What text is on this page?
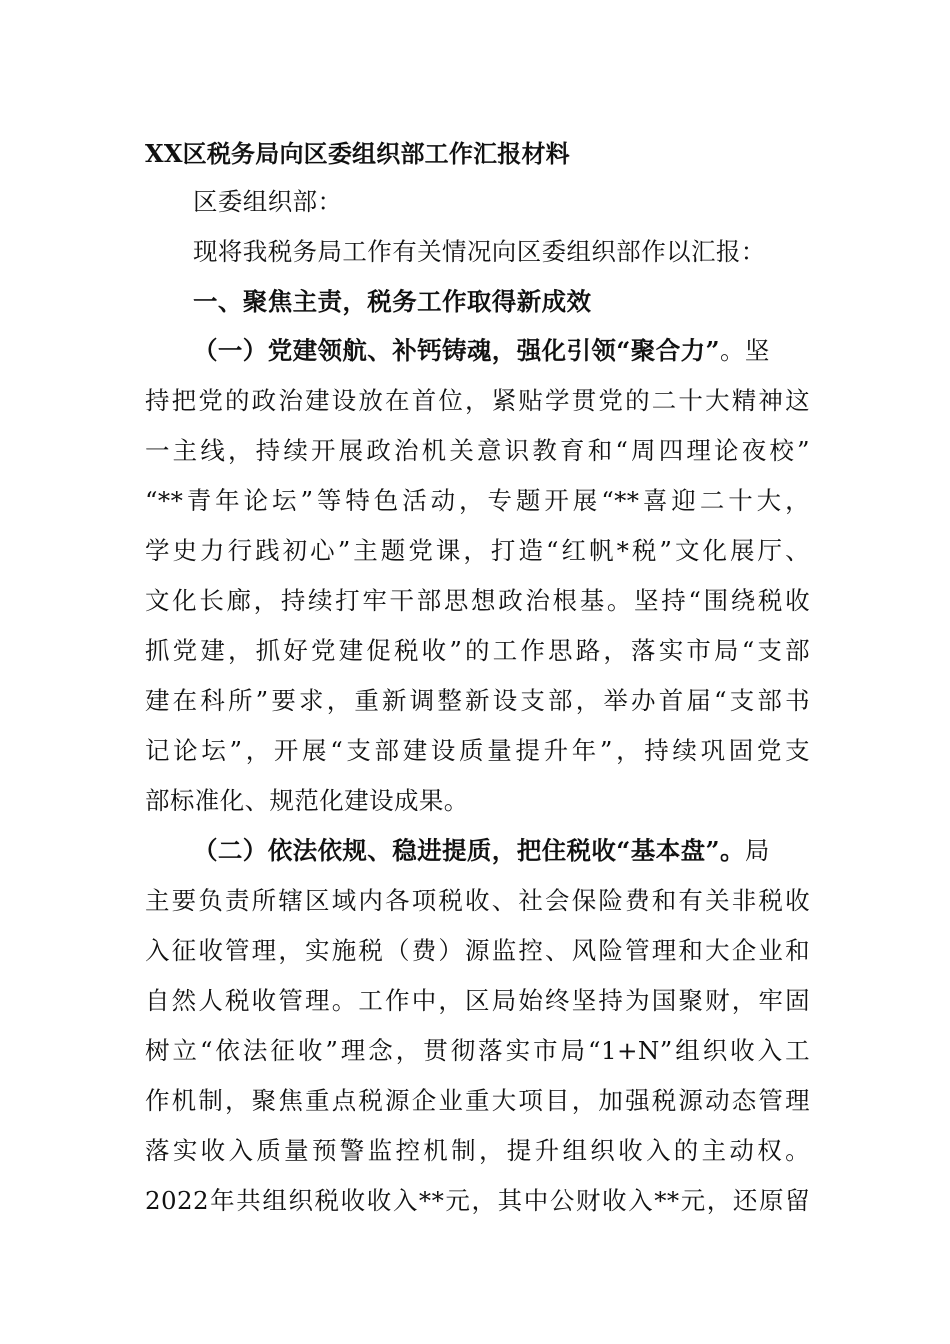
XX区税务局向区委组织部工作汇报材料
区委组织部：
现将我税务局工作有关情况向区委组织部作以汇报：
一、聚焦主责，税务工作取得新成效
（一）党建领航、补钙铸魂，强化引领“聚合力”。坚
持把党的政治建设放在首位，紧贴学贯党的二十大精神这
一主线，持续开展政治机关意识教育和“周四理论夜校”
“**青年论坛”等特色活动，专题开展“**喜迎二十大，
学史力行践初心”主题党课，打造“红帆*税”文化展厅、
文化长廊，持续打牢干部思想政治根基。坚持“围绕税收
抓党建，抓好党建促税收”的工作思路，落实市局“支部
建在科所”要求，重新调整新设支部，举办首届“支部书
记论坛”，开展“支部建设质量提升年”，持续巩固党支
部标准化、规范化建设成果。
（二）依法依规、稳进提质，把住税收“基本盘”。局
主要负责所辖区域内各项税收、社会保险费和有关非税收
入征收管理，实施税（费）源监控、风险管理和大企业和
自然人税收管理。工作中，区局始终坚持为国聚财，牢固
树立“依法征收”理念，贯彻落实市局“1+N”组织收入工
作机制，聚焦重点税源企业重大项目，加强税源动态管理
落实收入质量预警监控机制，提升组织收入的主动权。
2022年共组织税收收入**元，其中公财收入**元，还原留
